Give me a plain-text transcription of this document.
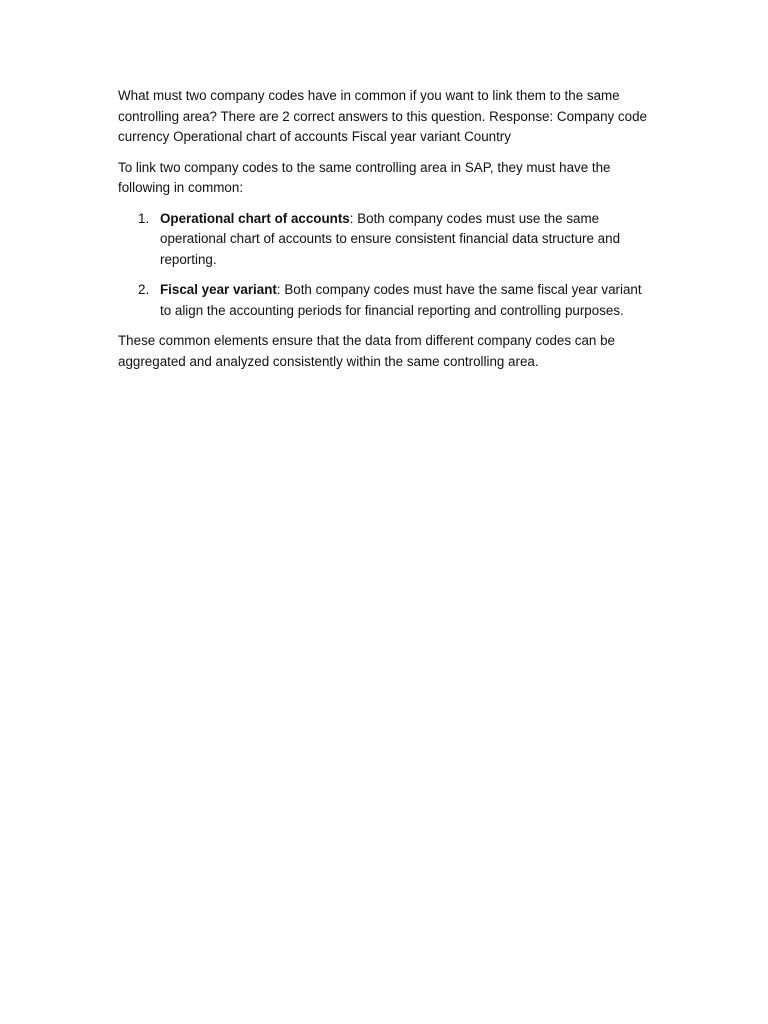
What must two company codes have in common if you want to link them to the same controlling area? There are 2 correct answers to this question. Response: Company code currency Operational chart of accounts Fiscal year variant Country

To link two company codes to the same controlling area in SAP, they must have the following in common:

1. Operational chart of accounts: Both company codes must use the same operational chart of accounts to ensure consistent financial data structure and reporting.
2. Fiscal year variant: Both company codes must have the same fiscal year variant to align the accounting periods for financial reporting and controlling purposes.

These common elements ensure that the data from different company codes can be aggregated and analyzed consistently within the same controlling area.
